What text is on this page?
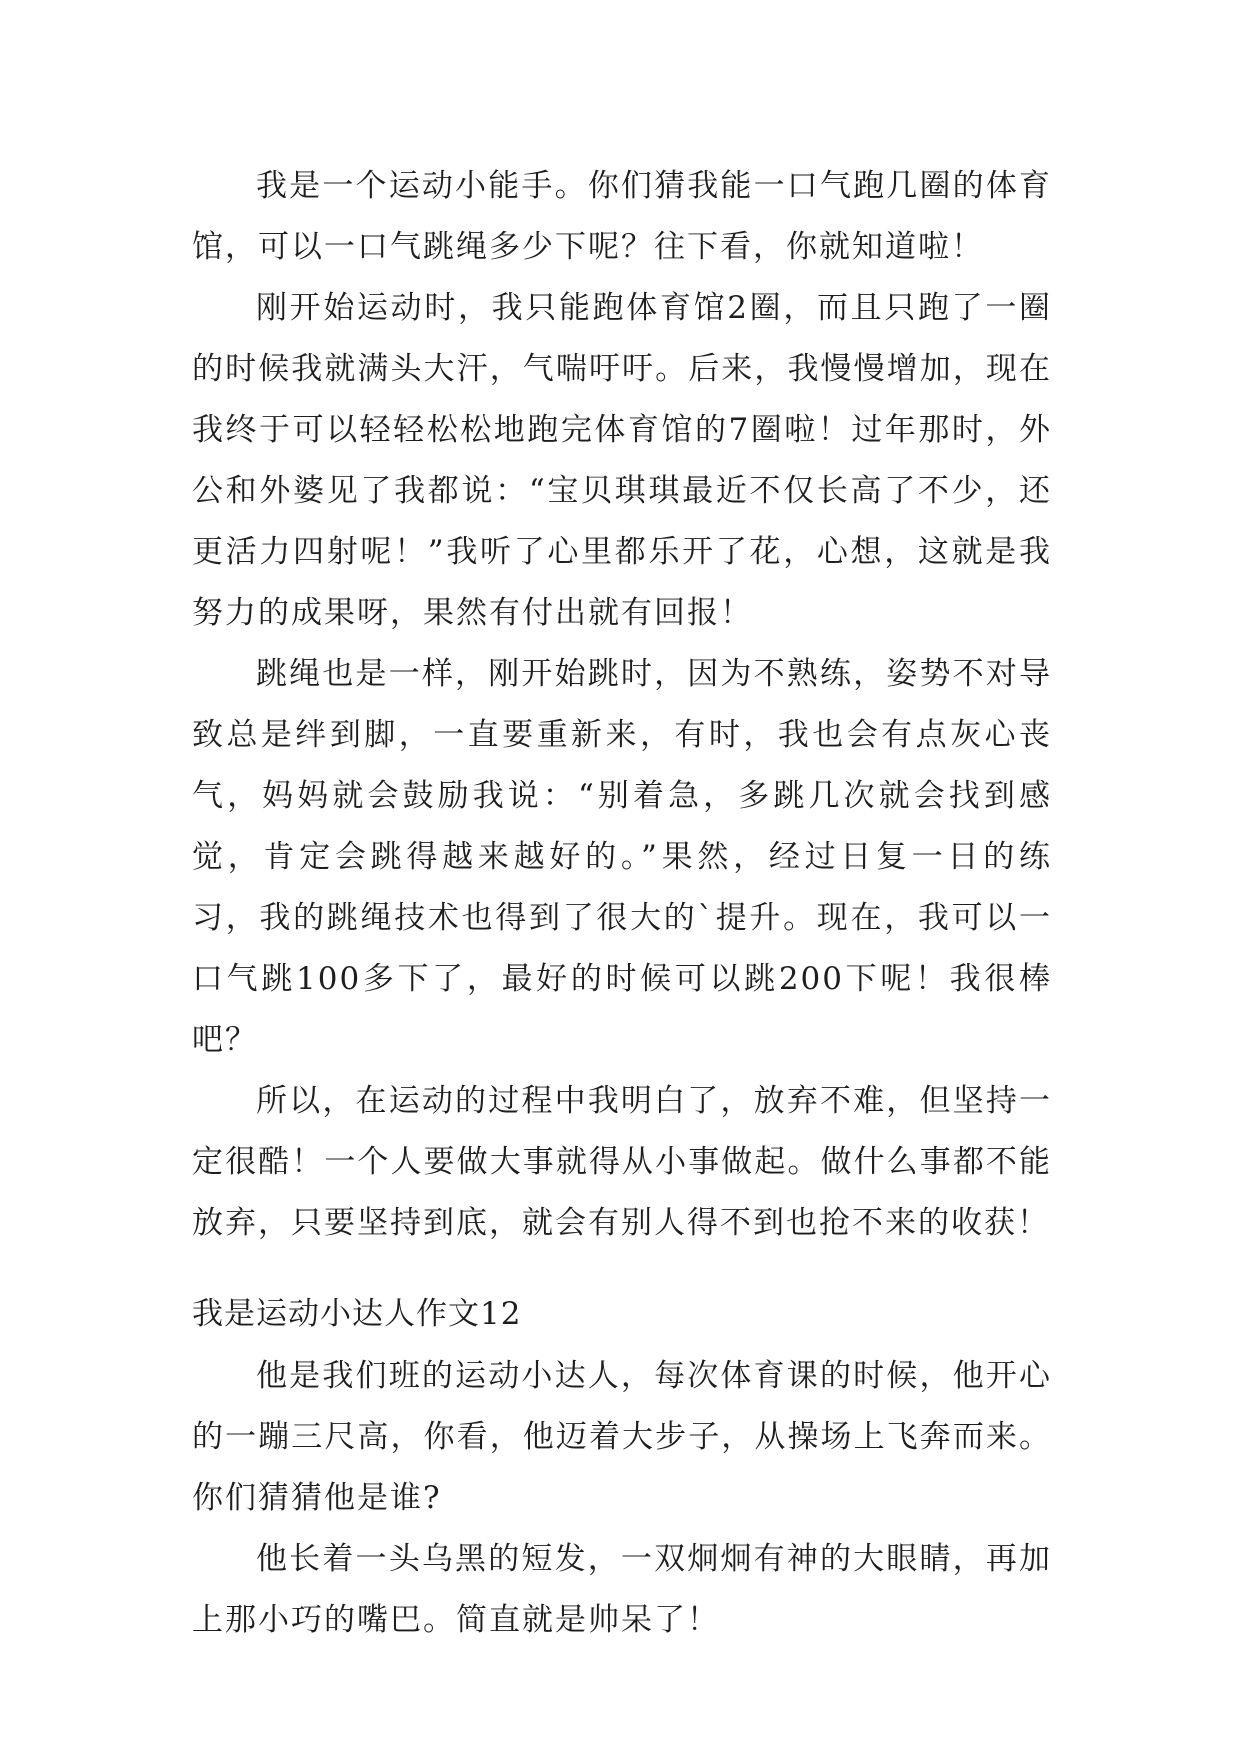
我是一个运动小能手。你们猜我能一口气跑几圈的体育馆，可以一口气跳绳多少下呢？往下看，你就知道啦！

刚开始运动时，我只能跑体育馆2圈，而且只跑了一圈的时候我就满头大汗，气喘吁吁。后来，我慢慢增加，现在我终于可以轻轻松松地跑完体育馆的7圈啦！过年那时，外公和外婆见了我都说：“宝贝琪琪最近不仅长高了不少，还更活力四射呢！”我听了心里都乐开了花，心想，这就是我努力的成果呀，果然有付出就有回报！

跳绳也是一样，刚开始跳时，因为不熟练，姿势不对导致总是绊到脚，一直要重新来，有时，我也会有点灰心丧气，妈妈就会鼓励我说：“别着急，多跳几次就会找到感觉，肯定会跳得越来越好的。”果然，经过日复一日的练习，我的跳绳技术也得到了很大的`提升。现在，我可以一口气跳100多下了，最好的时候可以跳200下呢！我很棒吧？

所以，在运动的过程中我明白了，放弃不难，但坚持一定很酷！一个人要做大事就得从小事做起。做什么事都不能放弃，只要坚持到底，就会有别人得不到也抢不来的收获！

我是运动小达人作文12

他是我们班的运动小达人，每次体育课的时候，他开心的一蹦三尺高，你看，他迈着大步子，从操场上飞奔而来。你们猜猜他是谁?

他长着一头乌黑的短发，一双炯炯有神的大眼睛，再加上那小巧的嘴巴。简直就是帅呆了！
